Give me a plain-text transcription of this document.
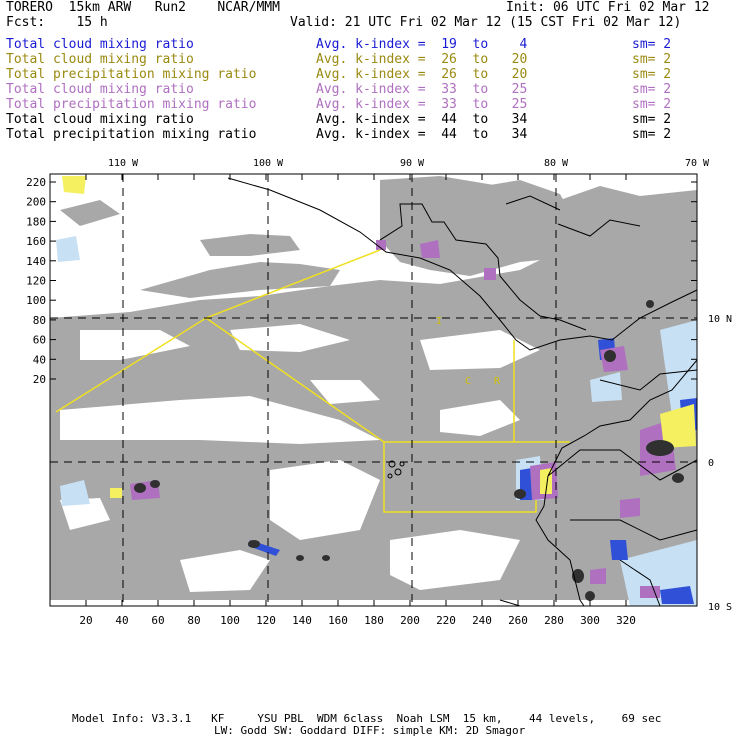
TORERO  15km ARW   Run2    NCAR/MMM	Init: 06 UTC Fri 02 Mar 12
Fcst:    15 h	Valid: 21 UTC Fri 02 Mar 12 (15 CST Fri 02 Mar 12)
Total cloud mixing ratio	Avg. k-index =  19  to    4	sm= 2
Total cloud mixing ratio	Avg. k-index =  26  to   20	sm= 2
Total precipitation mixing ratio	Avg. k-index =  26  to   20	sm= 2
Total cloud mixing ratio	Avg. k-index =  33  to   25	sm= 2
Total precipitation mixing ratio	Avg. k-index =  33  to   25	sm= 2
Total cloud mixing ratio	Avg. k-index =  44  to   34	sm= 2
Total precipitation mixing ratio	Avg. k-index =  44  to   34	sm= 2
I
C R
20 40 60 80 100 120 140 160 180 200 220 240 260 280 300 320
220
200
180
160
140
120
100
80
60
40
20
110 W	100 W	90 W	80 W	70 W
10 N
0
10 S
Model Info: V3.3.1   KF     YSU PBL  WDM 6class  Noah LSM  15 km,    44 levels,    69 sec
LW: Godd SW: Goddard DIFF: simple KM: 2D Smagor
